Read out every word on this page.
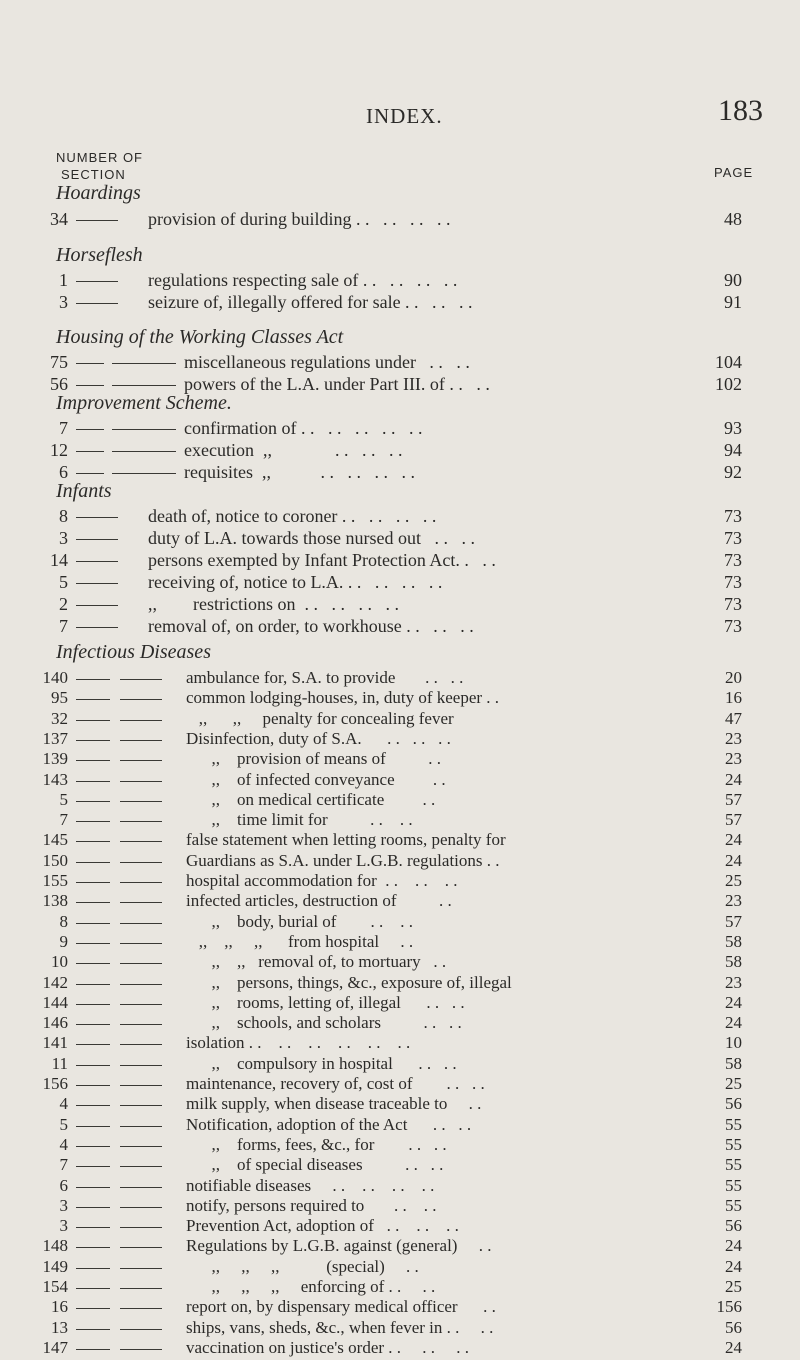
INDEX.	183
NUMBER OF
SECTION	PAGE
Hoardings
34	provision of during building . .   . .   . .   . .	48
Horseflesh
1	regulations respecting sale of . .   . .   . .   . .	90
3	seizure of, illegally offered for sale . .   . .   . .	91
Housing of the Working Classes Act
75	miscellaneous regulations under   . .   . .	104
56	powers of the L.A. under Part III. of . .   . .	102
Improvement Scheme.
7	confirmation of . .   . .   . .   . .   . .	93
12	execution  ,,              . .   . .   . .	94
6	requisites  ,,           . .   . .   . .   . .	92
Infants
8	death of, notice to coroner . .   . .   . .   . .	73
3	duty of L.A. towards those nursed out   . .   . .	73
14	persons exempted by Infant Protection Act. .   . .	73
5	receiving of, notice to L.A. . .   . .   . .   . .	73
2	,,        restrictions on  . .   . .   . .   . .	73
7	removal of, on order, to workhouse . .   . .   . .	73
Infectious Diseases
140	ambulance for, S.A. to provide       . .   . .	20
95	common lodging-houses, in, duty of keeper . .	16
32	,,      ,,     penalty for concealing fever	47
137	Disinfection, duty of S.A.      . .   . .   . .	23
139	,,    provision of means of          . .	23
143	,,    of infected conveyance         . .	24
5	,,    on medical certificate         . .	57
7	,,    time limit for          . .    . .	57
145	false statement when letting rooms, penalty for	24
150	Guardians as S.A. under L.G.B. regulations . .	24
155	hospital accommodation for  . .    . .    . .	25
138	infected articles, destruction of          . .	23
8	,,    body, burial of        . .    . .	57
9	,,    ,,     ,,      from hospital     . .	58
10	,,    ,,   removal of, to mortuary   . .	58
142	,,    persons, things, &c., exposure of, illegal	23
144	,,    rooms, letting of, illegal      . .   . .	24
146	,,    schools, and scholars          . .   . .	24
141	isolation . .    . .    . .    . .    . .    . .	10
11	,,    compulsory in hospital      . .   . .	58
156	maintenance, recovery of, cost of        . .   . .	25
4	milk supply, when disease traceable to     . .	56
5	Notification, adoption of the Act      . .   . .	55
4	,,    forms, fees, &c., for        . .   . .	55
7	,,    of special diseases          . .   . .	55
6	notifiable diseases     . .    . .    . .    . .	55
3	notify, persons required to       . .    . .	55
3	Prevention Act, adoption of   . .    . .    . .	56
148	Regulations by L.G.B. against (general)     . .	24
149	,,     ,,     ,,           (special)     . .	24
154	,,     ,,     ,,     enforcing of . .     . .	25
16	report on, by dispensary medical officer      . .	156
13	ships, vans, sheds, &c., when fever in . .     . .	56
147	vaccination on justice's order . .     . .     . .	24
